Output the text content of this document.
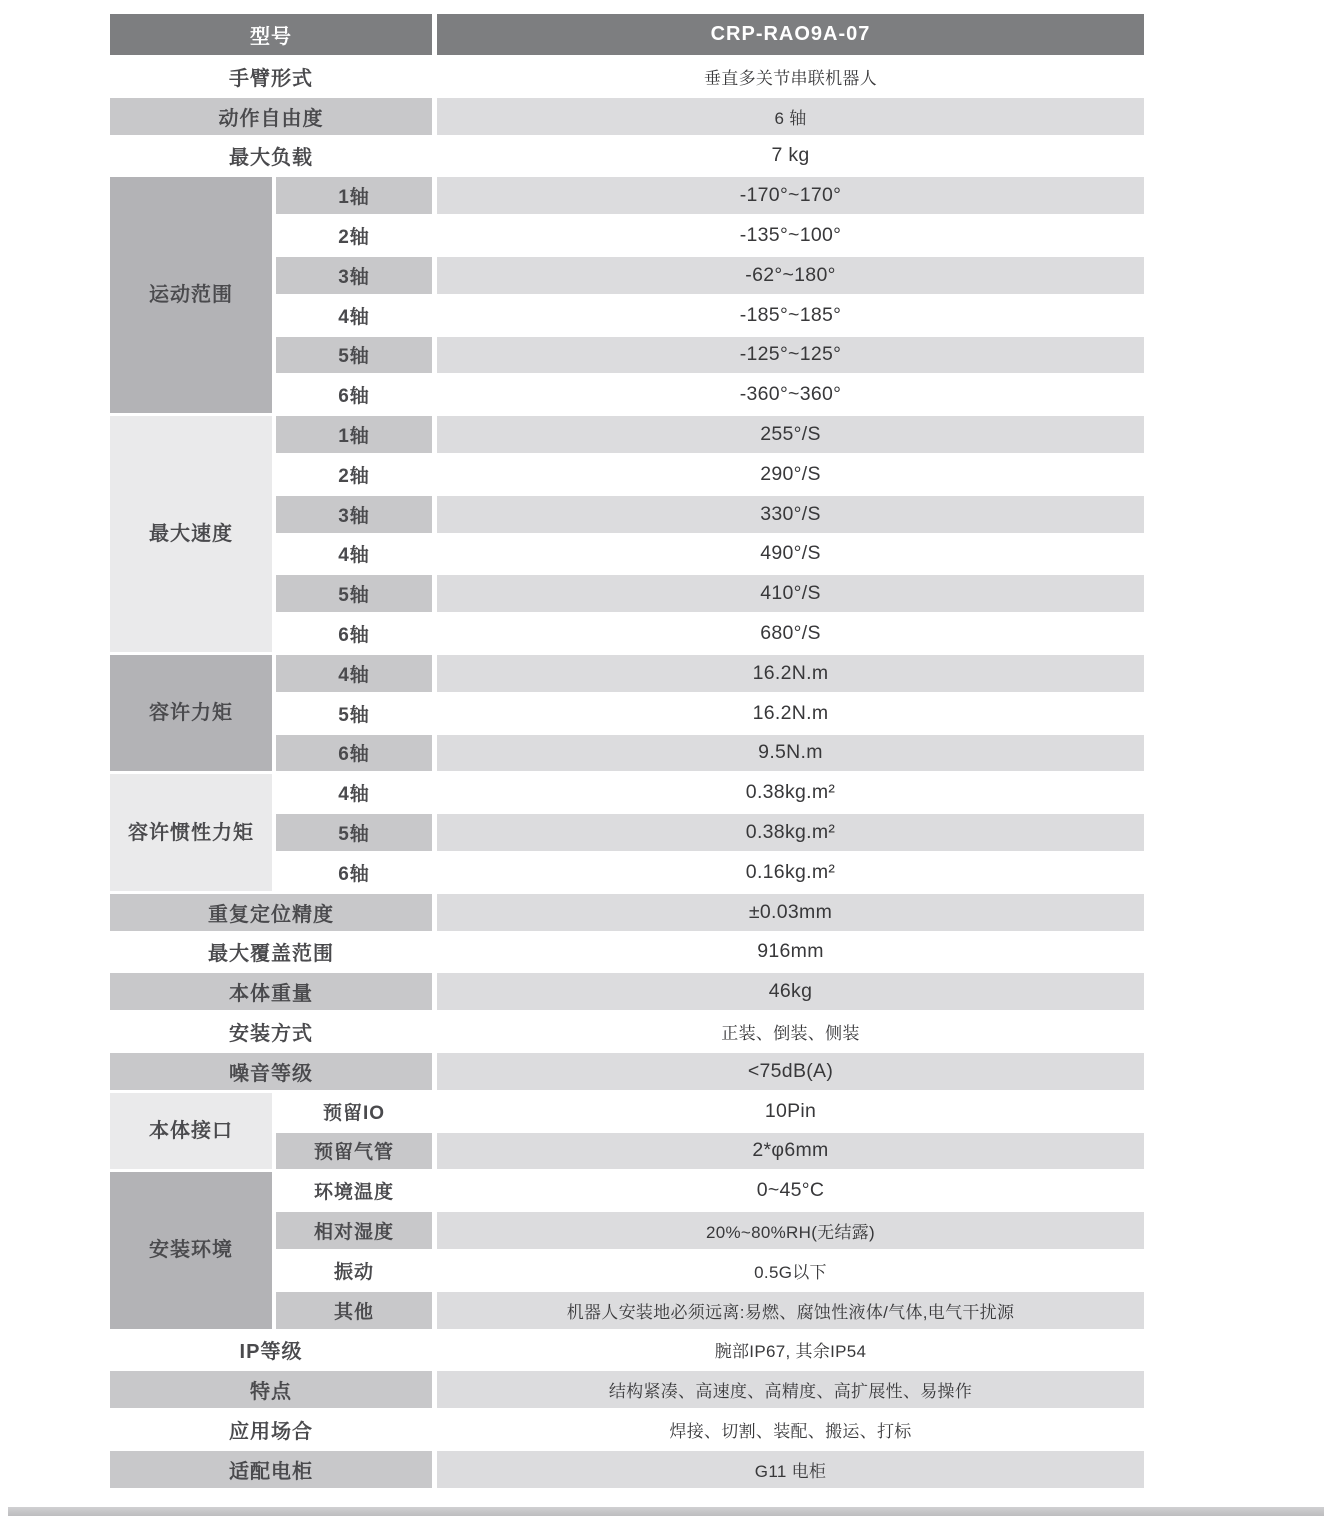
型号	CRP-RAO9A-07
手臂形式	垂直多关节串联机器人
动作自由度	6 轴
最大负载	7 kg
运动范围
1轴	-170°~170°
2轴	-135°~100°
3轴	-62°~180°
4轴	-185°~185°
5轴	-125°~125°
6轴	-360°~360°
最大速度
1轴	255°/S
2轴	290°/S
3轴	330°/S
4轴	490°/S
5轴	410°/S
6轴	680°/S
容许力矩
4轴	16.2N.m
5轴	16.2N.m
6轴	9.5N.m
容许惯性力矩
4轴	0.38kg.m²
5轴	0.38kg.m²
6轴	0.16kg.m²
重复定位精度	±0.03mm
最大覆盖范围	916mm
本体重量	46kg
安装方式	正装、倒装、侧装
噪音等级	<75dB(A)
本体接口
预留IO	10Pin
预留气管	2*φ6mm
安装环境
环境温度	0~45°C
相对湿度	20%~80%RH(无结露)
振动	0.5G以下
其他	机器人安装地必须远离:易燃、腐蚀性液体/气体,电气干扰源
IP等级	腕部IP67, 其余IP54
特点	结构紧凑、高速度、高精度、高扩展性、易操作
应用场合	焊接、切割、装配、搬运、打标
适配电柜	G11 电柜
